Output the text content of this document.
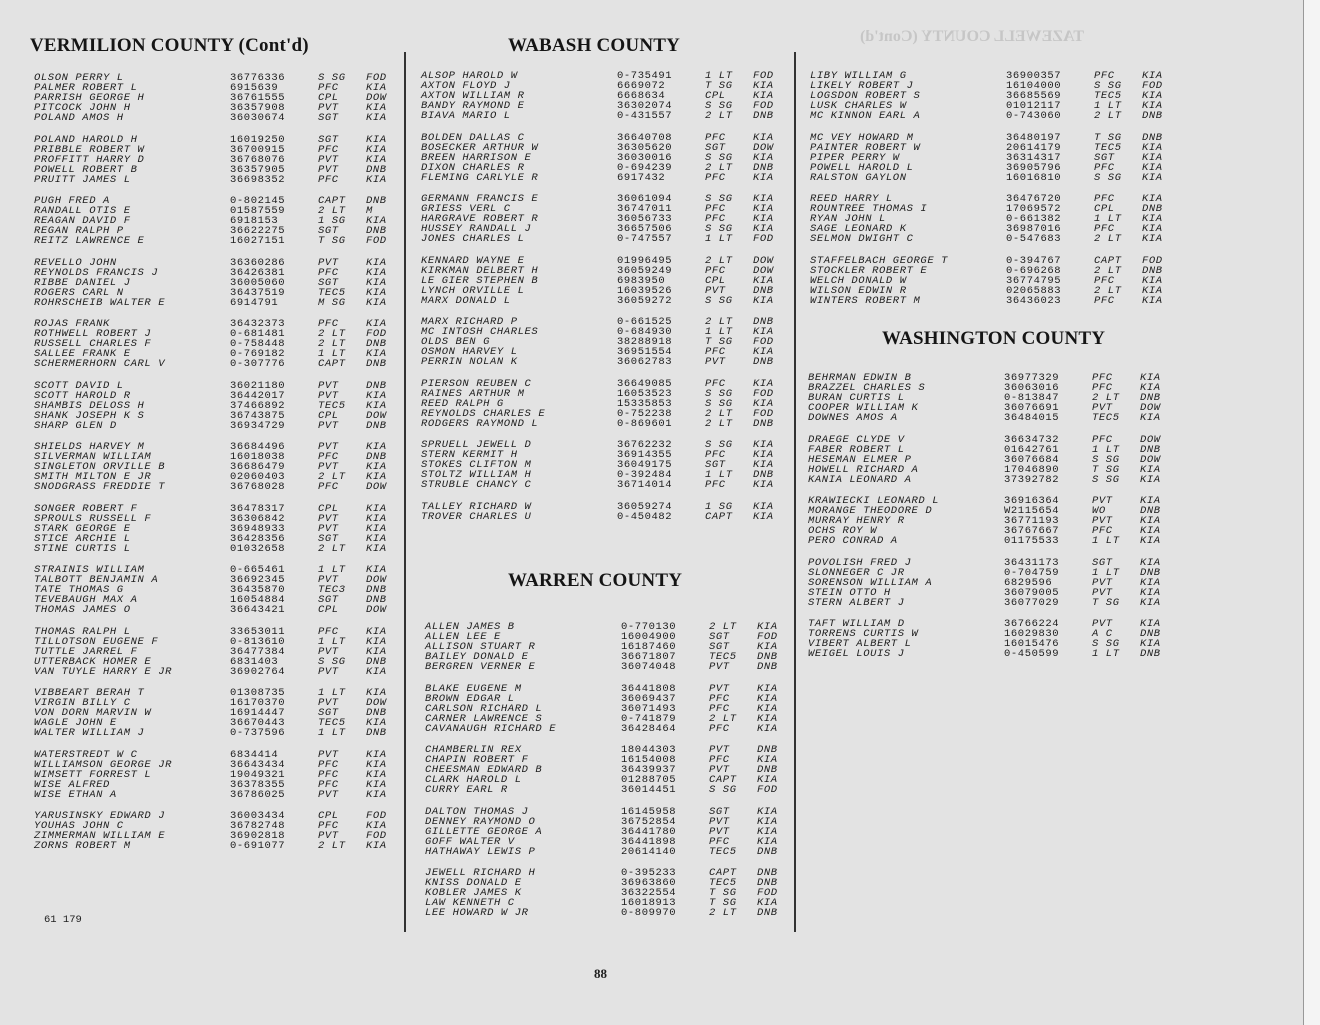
TAZEWELL COUNTY (Cont'd)
VERMILION COUNTY (Cont'd)
OLSON PERRY L	36776336	S SG FOD
PALMER ROBERT L	6915639	PFC	KIA
PARRISH GEORGE H	36761555	CPL	DOW
PITCOCK JOHN H	36357908	PVT	KIA
POLAND AMOS H	36030674	SGT	KIA
POLAND HAROLD H	16019250	SGT	KIA
PRIBBLE ROBERT W	36700915	PFC	KIA
PROFFITT HARRY D	36768076	PVT	KIA
POWELL ROBERT B	36357905	PVT	DNB
PRUITT JAMES L	36698352	PFC	KIA
PUGH FRED A	0-802145	CAPT DNB
RANDALL OTIS E	01587559	2 LT M
REAGAN DAVID F	6918153	1 SG KIA
REGAN RALPH P	36622275	SGT	DNB
REITZ LAWRENCE E	16027151	T SG FOD
REVELLO JOHN	36360286	PVT	KIA
REYNOLDS FRANCIS J	36426381	PFC	KIA
RIBBE DANIEL J	36005060	SGT	KIA
ROGERS CARL N	36437519	TEC5 KIA
ROHRSCHEIB WALTER E	6914791	M SG KIA
ROJAS FRANK	36432373	PFC	KIA
ROTHWELL ROBERT J	0-681481	2 LT FOD
RUSSELL CHARLES F	0-758448	2 LT DNB
SALLEE FRANK E	0-769182	1 LT KIA
SCHERMERHORN CARL V	0-307776	CAPT DNB
SCOTT DAVID L	36021180	PVT	DNB
SCOTT HAROLD R	36442017	PVT	KIA
SHAMBIS DELOSS H	37466892	TEC5 KIA
SHANK JOSEPH K S	36743875	CPL	DOW
SHARP GLEN D	36934729	PVT	DNB
SHIELDS HARVEY M	36684496	PVT	KIA
SILVERMAN WILLIAM	16018038	PFC	DNB
SINGLETON ORVILLE B	36686479	PVT	KIA
SMITH MILTON E JR	02060403	2 LT KIA
SNODGRASS FREDDIE T	36768028	PFC	DOW
SONGER ROBERT F	36478317	CPL	KIA
SPROULS RUSSELL F	36306842	PVT	KIA
STARK GEORGE E	36948933	PVT	KIA
STICE ARCHIE L	36428356	SGT	KIA
STINE CURTIS L	01032658	2 LT KIA
STRAINIS WILLIAM	0-665461	1 LT KIA
TALBOTT BENJAMIN A	36692345	PVT	DOW
TATE THOMAS G	36435870	TEC3 DNB
TEVEBAUGH MAX A	16054884	SGT	DNB
THOMAS JAMES O	36643421	CPL	DOW
THOMAS RALPH L	33653011	PFC	KIA
TILLOTSON EUGENE F	0-813610	1 LT KIA
TUTTLE JARREL F	36477384	PVT	KIA
UTTERBACK HOMER E	6831403	S SG DNB
VAN TUYLE HARRY E JR	36902764	PVT	KIA
VIBBEART BERAH T	01308735	1 LT KIA
VIRGIN BILLY C	16170370	PVT	DOW
VON DORN MARVIN W	16914447	SGT	DNB
WAGLE JOHN E	36670443	TEC5 KIA
WALTER WILLIAM J	0-737596	1 LT DNB
WATERSTREDT W C	6834414	PVT	KIA
WILLIAMSON GEORGE JR	36643434	PFC	KIA
WIMSETT FORREST L	19049321	PFC	KIA
WISE ALFRED	36378355	PFC	KIA
WISE ETHAN A	36786025	PVT	KIA
YARUSINSKY EDWARD J	36003434	CPL	FOD
YOUHAS JOHN C	36782748	PFC	KIA
ZIMMERMAN WILLIAM E	36902818	PVT	FOD
ZORNS ROBERT M	0-691077	2 LT KIA
WABASH COUNTY
ALSOP HAROLD W	0-735491	1 LT FOD
AXTON FLOYD J	6669072	T SG KIA
AXTON WILLIAM R	6668634	CPL	KIA
BANDY RAYMOND E	36302074	S SG FOD
BIAVA MARIO L	0-431557	2 LT DNB
BOLDEN DALLAS C	36640708	PFC	KIA
BOSECKER ARTHUR W	36305620	SGT	DOW
BREEN HARRISON E	36030016	S SG KIA
DIXON CHARLES R	0-694239	2 LT DNB
FLEMING CARLYLE R	6917432	PFC	KIA
GERMANN FRANCIS E	36061094	S SG KIA
GRIESS VERL C	36747011	PFC	KIA
HARGRAVE ROBERT R	36056733	PFC	KIA
HUSSEY RANDALL J	36657506	S SG KIA
JONES CHARLES L	0-747557	1 LT FOD
KENNARD WAYNE E	01996495	2 LT DOW
KIRKMAN DELBERT H	36059249	PFC	DOW
LE GIER STEPHEN B	6983950	CPL	KIA
LYNCH ORVILLE L	16039526	PVT	DNB
MARX DONALD L	36059272	S SG KIA
MARX RICHARD P	0-661525	2 LT DNB
MC INTOSH CHARLES	0-684930	1 LT KIA
OLDS BEN G	38288918	T SG FOD
OSMON HARVEY L	36951554	PFC	KIA
PERRIN NOLAN K	36062783	PVT	DNB
PIERSON REUBEN C	36649085	PFC	KIA
RAINES ARTHUR M	16053523	S SG FOD
REED RALPH G	15335853	S SG KIA
REYNOLDS CHARLES E	0-752238	2 LT FOD
RODGERS RAYMOND L	0-869601	2 LT DNB
SPRUELL JEWELL D	36762232	S SG KIA
STERN KERMIT H	36914355	PFC	KIA
STOKES CLIFTON M	36049175	SGT	KIA
STOLTZ WILLIAM H	0-392484	1 LT DNB
STRUBLE CHANCY C	36714014	PFC	KIA
TALLEY RICHARD W	36059274	1 SG KIA
TROVER CHARLES U	0-450482	CAPT KIA
WARREN COUNTY
ALLEN JAMES B	0-770130	2 LT KIA
ALLEN LEE E	16004900	SGT	FOD
ALLISON STUART R	16187460	SGT	KIA
BAILEY DONALD E	36671807	TEC5 DNB
BERGREN VERNER E	36074048	PVT	DNB
BLAKE EUGENE M	36441808	PVT	KIA
BROWN EDGAR L	36069437	PFC	KIA
CARLSON RICHARD L	36071493	PFC	KIA
CARNER LAWRENCE S	0-741879	2 LT KIA
CAVANAUGH RICHARD E	36428464	PFC	KIA
CHAMBERLIN REX	18044303	PVT	DNB
CHAPIN ROBERT F	16154008	PFC	KIA
CHEESMAN EDWARD B	36439937	PVT	DNB
CLARK HAROLD L	01288705	CAPT KIA
CURRY EARL R	36014451	S SG FOD
DALTON THOMAS J	16145958	SGT	KIA
DENNEY RAYMOND O	36752854	PVT	KIA
GILLETTE GEORGE A	36441780	PVT	KIA
GOFF WALTER V	36441898	PFC	KIA
HATHAWAY LEWIS P	20614140	TEC5 DNB
JEWELL RICHARD H	0-395233	CAPT DNB
KNISS DONALD E	36963860	TEC5 DNB
KOBLER JAMES K	36322554	T SG FOD
LAW KENNETH C	16018913	T SG KIA
LEE HOWARD W JR	0-809970	2 LT DNB
LIBY WILLIAM G	36900357	PFC	KIA
LIKELY ROBERT J	16104000	S SG FOD
LOGSDON ROBERT S	36685569	TEC5 KIA
LUSK CHARLES W	01012117	1 LT KIA
MC KINNON EARL A	0-743060	2 LT DNB
MC VEY HOWARD M	36480197	T SG DNB
PAINTER ROBERT W	20614179	TEC5 KIA
PIPER PERRY W	36314317	SGT	KIA
POWELL HAROLD L	36905796	PFC	KIA
RALSTON GAYLON	16016810	S SG KIA
REED HARRY L	36476720	PFC	KIA
ROUNTREE THOMAS I	17069572	CPL	DNB
RYAN JOHN L	0-661382	1 LT KIA
SAGE LEONARD K	36987016	PFC	KIA
SELMON DWIGHT C	0-547683	2 LT KIA
STAFFELBACH GEORGE T	0-394767	CAPT FOD
STOCKLER ROBERT E	0-696268	2 LT DNB
WELCH DONALD W	36774795	PFC	KIA
WILSON EDWIN R	02065883	2 LT KIA
WINTERS ROBERT M	36436023	PFC	KIA
WASHINGTON COUNTY
BEHRMAN EDWIN B	36977329	PFC	KIA
BRAZZEL CHARLES S	36063016	PFC	KIA
BURAN CURTIS L	0-813847	2 LT DNB
COOPER WILLIAM K	36076691	PVT	DOW
DOWNES AMOS A	36484015	TEC5 KIA
DRAEGE CLYDE V	36634732	PFC	DOW
FABER ROBERT L	01642761	1 LT DNB
HESEMAN ELMER P	36076684	S SG DOW
HOWELL RICHARD A	17046890	T SG KIA
KANIA LEONARD A	37392782	S SG KIA
KRAWIECKI LEONARD L	36916364	PVT	KIA
MORANGE THEODORE D	W2115654	WO	DNB
MURRAY HENRY R	36771193	PVT	KIA
OCHS ROY W	36767667	PFC	KIA
PERO CONRAD A	01175533	1 LT KIA
POVOLISH FRED J	36431173	SGT	KIA
SLONNEGER C JR	0-704759	1 LT DNB
SORENSON WILLIAM A	6829596	PVT	KIA
STEIN OTTO H	36079005	PVT	KIA
STERN ALBERT J	36077029	T SG KIA
TAFT WILLIAM D	36766224	PVT	KIA
TORRENS CURTIS W	16029830	A C	DNB
VIBERT ALBERT L	16015476	S SG KIA
WEIGEL LOUIS J	0-450599	1 LT DNB
61 179
88
